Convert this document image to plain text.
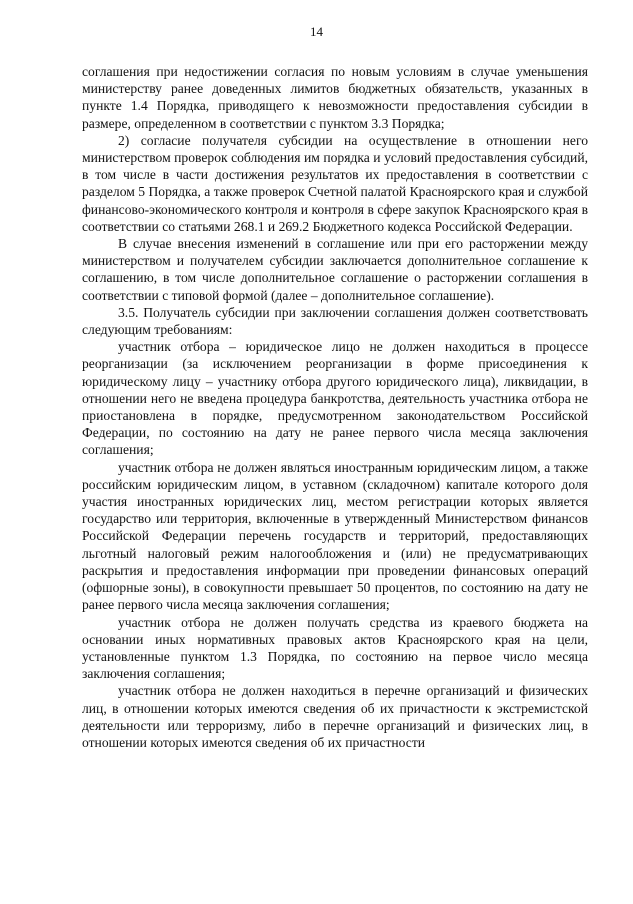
14

соглашения при недостижении согласия по новым условиям в случае уменьшения министерству ранее доведенных лимитов бюджетных обязательств, указанных в пункте 1.4 Порядка, приводящего к невозможности предоставления субсидии в размере, определенном в соответствии с пунктом 3.3 Порядка;

2) согласие получателя субсидии на осуществление в отношении него министерством проверок соблюдения им порядка и условий предоставления субсидий, в том числе в части достижения результатов их предоставления в соответствии с разделом 5 Порядка, а также проверок Счетной палатой Красноярского края и службой финансово-экономического контроля и контроля в сфере закупок Красноярского края в соответствии со статьями 268.1 и 269.2 Бюджетного кодекса Российской Федерации.

В случае внесения изменений в соглашение или при его расторжении между министерством и получателем субсидии заключается дополнительное соглашение к соглашению, в том числе дополнительное соглашение о расторжении соглашения в соответствии с типовой формой (далее – дополнительное соглашение).

3.5. Получатель субсидии при заключении соглашения должен соответствовать следующим требованиям:

участник отбора – юридическое лицо не должен находиться в процессе реорганизации (за исключением реорганизации в форме присоединения к юридическому лицу – участнику отбора другого юридического лица), ликвидации, в отношении него не введена процедура банкротства, деятельность участника отбора не приостановлена в порядке, предусмотренном законодательством Российской Федерации, по состоянию на дату не ранее первого числа месяца заключения соглашения;

участник отбора не должен являться иностранным юридическим лицом, а также российским юридическим лицом, в уставном (складочном) капитале которого доля участия иностранных юридических лиц, местом регистрации которых является государство или территория, включенные в утвержденный Министерством финансов Российской Федерации перечень государств и территорий, предоставляющих льготный налоговый режим налогообложения и (или) не предусматривающих раскрытия и предоставления информации при проведении финансовых операций (офшорные зоны), в совокупности превышает 50 процентов, по состоянию на дату не ранее первого числа месяца заключения соглашения;

участник отбора не должен получать средства из краевого бюджета на основании иных нормативных правовых актов Красноярского края на цели, установленные пунктом 1.3 Порядка, по состоянию на первое число месяца заключения соглашения;

участник отбора не должен находиться в перечне организаций и физических лиц, в отношении которых имеются сведения об их причастности к экстремистской деятельности или терроризму, либо в перечне организаций и физических лиц, в отношении которых имеются сведения об их причастности
